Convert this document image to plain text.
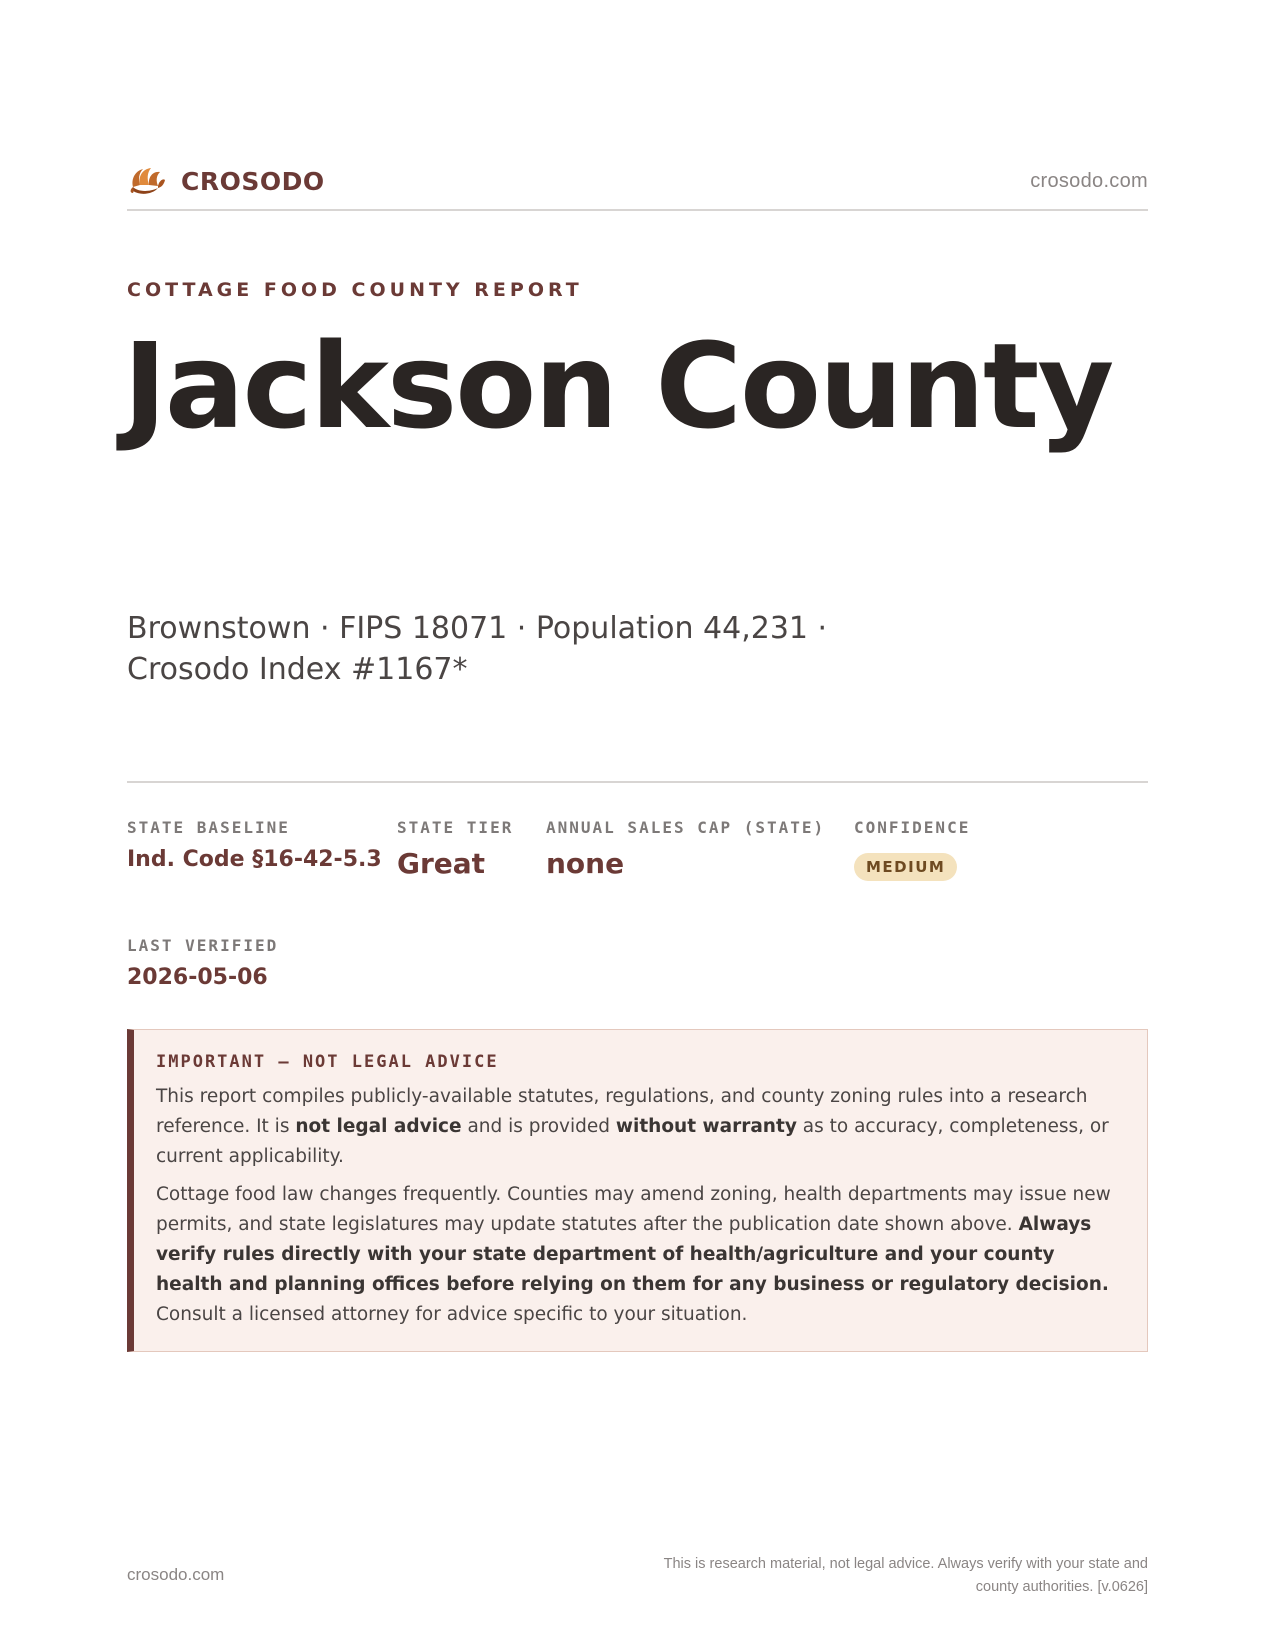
CROSODO	crosodo.com
COTTAGE FOOD COUNTY REPORT
Jackson County
Brownstown · FIPS 18071 · Population 44,231 · Crosodo Index #1167*
STATE BASELINE
Ind. Code §16-42-5.3
STATE TIER
Great
ANNUAL SALES CAP (STATE)
none
CONFIDENCE
MEDIUM
LAST VERIFIED
2026-05-06
IMPORTANT — NOT LEGAL ADVICE

This report compiles publicly-available statutes, regulations, and county zoning rules into a research reference. It is not legal advice and is provided without warranty as to accuracy, completeness, or current applicability.

Cottage food law changes frequently. Counties may amend zoning, health departments may issue new permits, and state legislatures may update statutes after the publication date shown above. Always verify rules directly with your state department of health/agriculture and your county health and planning offices before relying on them for any business or regulatory decision. Consult a licensed attorney for advice specific to your situation.

crosodo.com
This is research material, not legal advice. Always verify with your state and county authorities. [v.0626]
